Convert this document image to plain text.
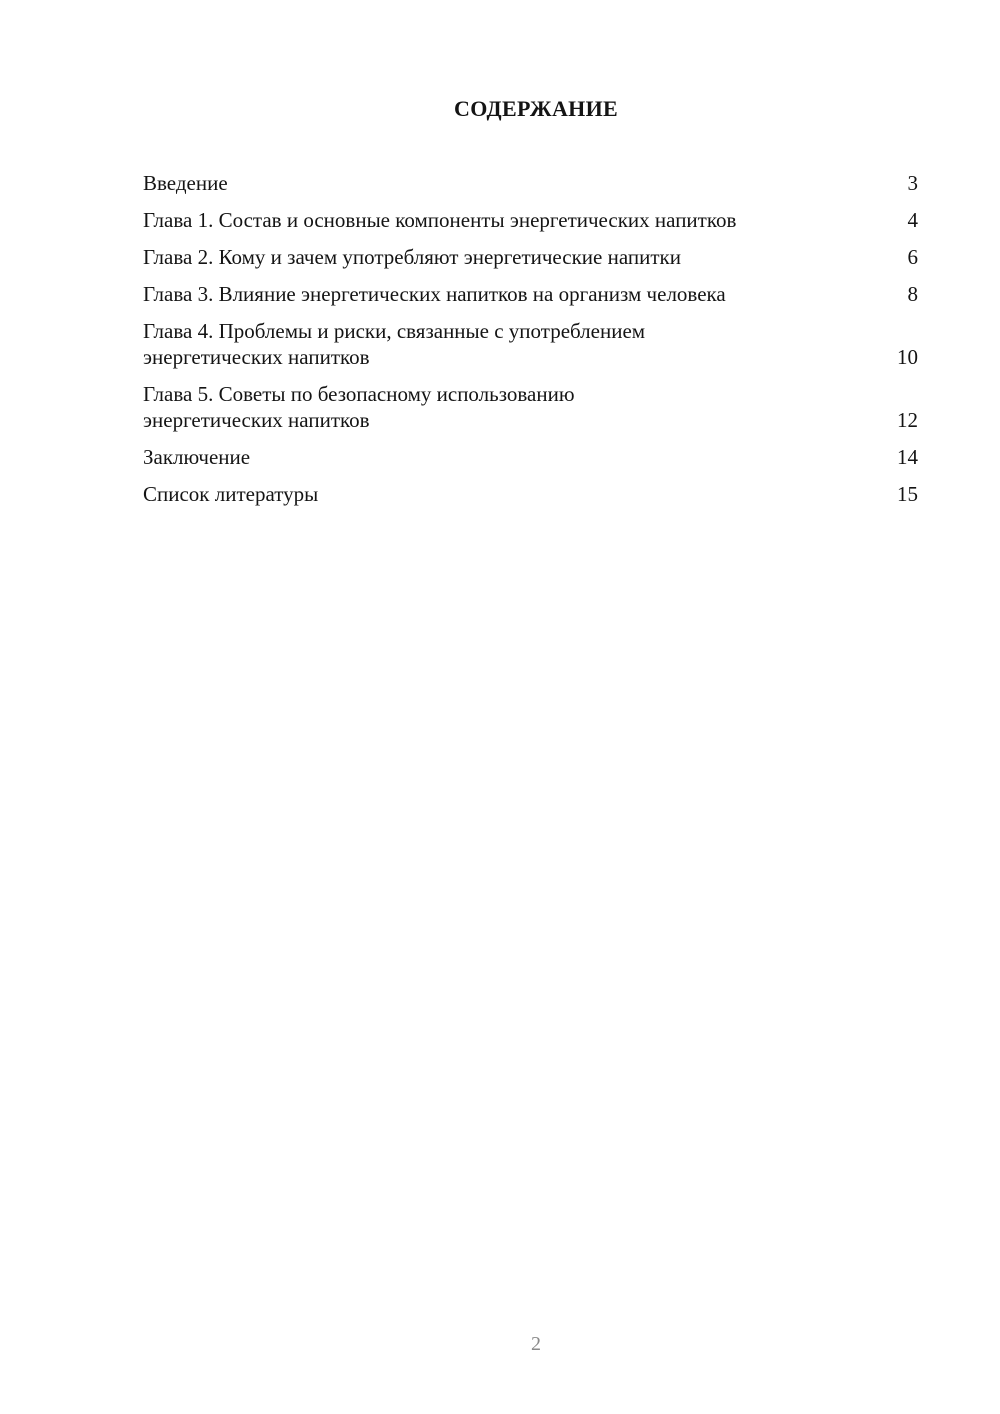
СОДЕРЖАНИЕ
Введение	3
Глава 1. Состав и основные компоненты энергетических напитков	4
Глава 2. Кому и зачем употребляют энергетические напитки	6
Глава 3. Влияние энергетических напитков на организм человека	8
Глава 4. Проблемы и риски, связанные с употреблением энергетических напитков	10
Глава 5. Советы по безопасному использованию энергетических напитков	12
Заключение	14
Список литературы	15
2
